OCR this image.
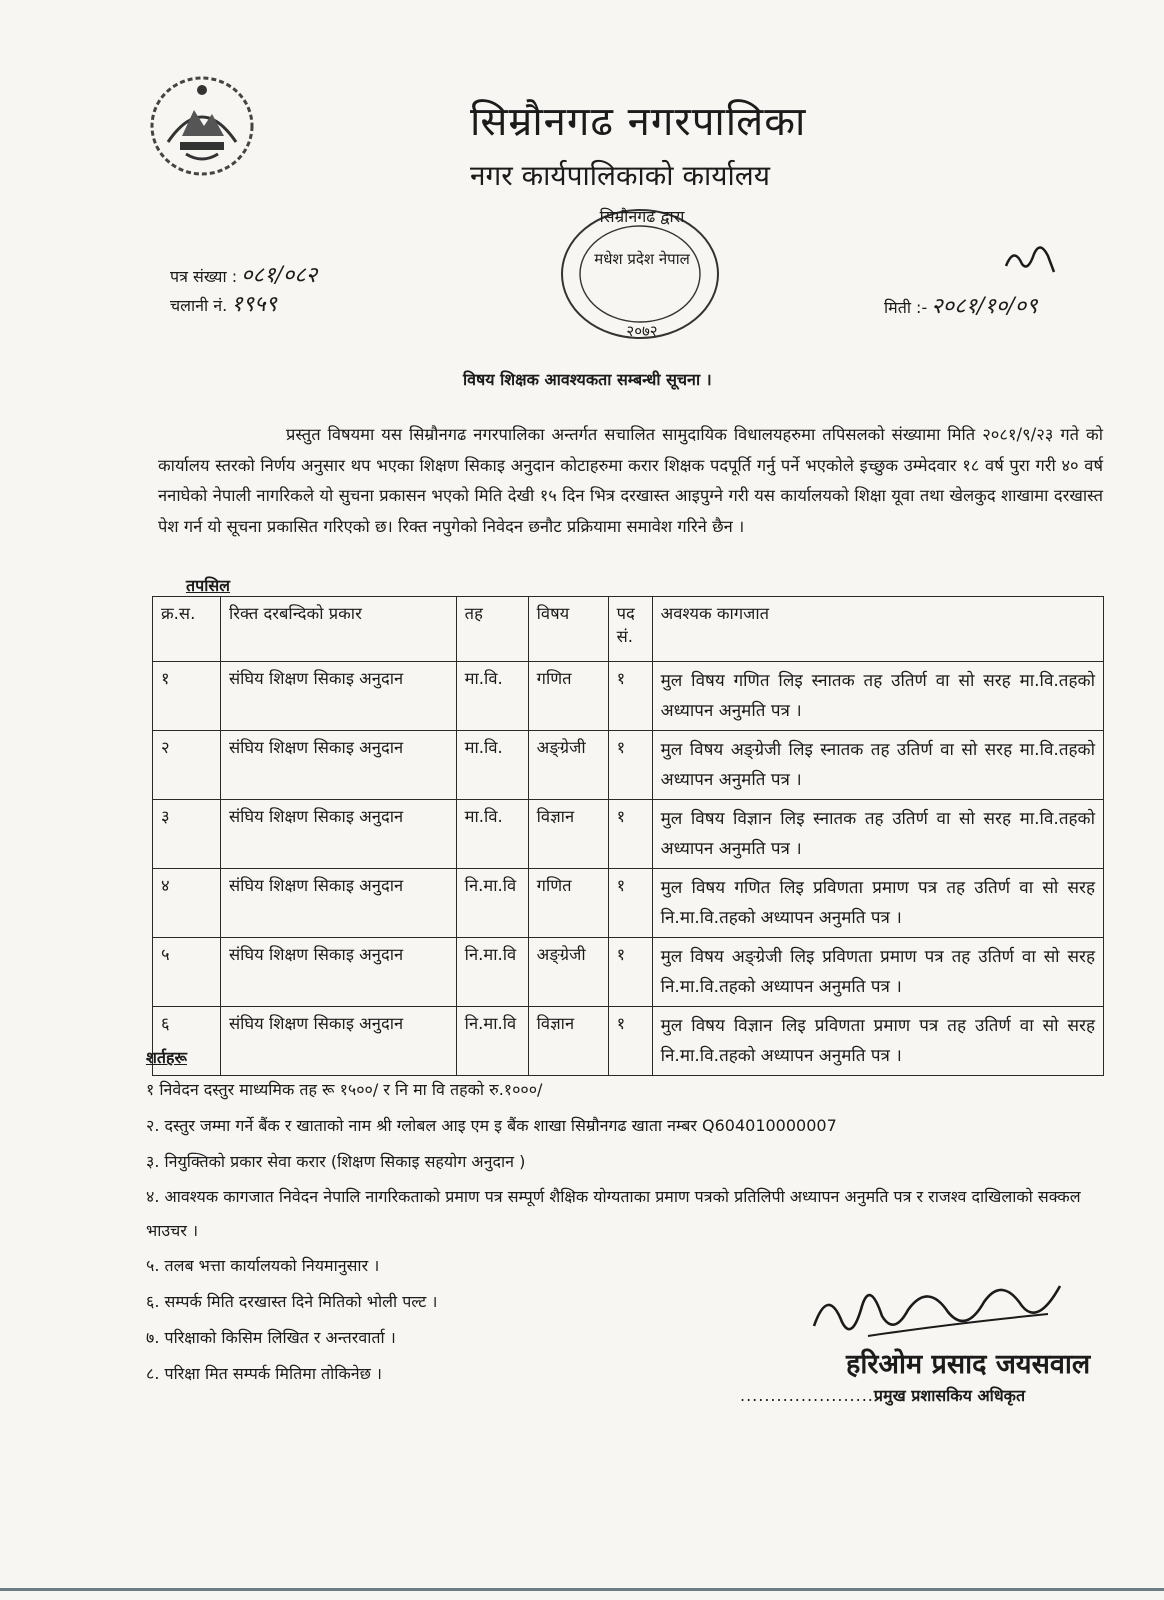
सिम्रौनगढ नगरपालिका
नगर कार्यपालिकाको कार्यालय
सिम्रौनगढ द्वारा
मधेश प्रदेश नेपाल
२०७२
पत्र संख्या : ०८१/०८२
चलानी नं. १९५९	मिती :- २०८१/१०/०९
विषय शिक्षक आवश्यकता सम्बन्धी सूचना ।
प्रस्तुत विषयमा यस सिम्रौनगढ नगरपालिका अन्तर्गत सचालित सामुदायिक विधालयहरुमा तपिसलको संख्यामा मिति २०८१/९/२३ गते को कार्यालय स्तरको निर्णय अनुसार थप भएका शिक्षण सिकाइ अनुदान कोटाहरुमा करार शिक्षक पदपूर्ति गर्नु पर्ने भएकोले इच्छुक उम्मेदवार १८ वर्ष पुरा गरी ४० वर्ष ननाघेको नेपाली नागरिकले यो सुचना प्रकासन भएको मिति देखी १५ दिन भित्र दरखास्त आइपुग्ने गरी यस कार्यालयको शिक्षा यूवा तथा खेलकुद शाखामा दरखास्त पेश गर्न यो सूचना प्रकासित गरिएको छ। रिक्त नपुगेको निवेदन छनौट प्रक्रियामा समावेश गरिने छैन ।
तपसिल
क्र.स.	रिक्त दरबन्दिको प्रकार	तह	विषय	पद सं.	अवश्यक कागजात
१	संघिय शिक्षण सिकाइ अनुदान	मा.वि.	गणित	१	मुल विषय गणित लिइ स्नातक तह उतिर्ण वा सो सरह मा.वि.तहको अध्यापन अनुमति पत्र ।
२	संघिय शिक्षण सिकाइ अनुदान	मा.वि.	अङ्ग्रेजी	१	मुल विषय अङ्ग्रेजी लिइ स्नातक तह उतिर्ण वा सो सरह मा.वि.तहको अध्यापन अनुमति पत्र ।
३	संघिय शिक्षण सिकाइ अनुदान	मा.वि.	विज्ञान	१	मुल विषय विज्ञान लिइ स्नातक तह उतिर्ण वा सो सरह मा.वि.तहको अध्यापन अनुमति पत्र ।
४	संघिय शिक्षण सिकाइ अनुदान	नि.मा.वि	गणित	१	मुल विषय गणित लिइ प्रविणता प्रमाण पत्र तह उतिर्ण वा सो सरह नि.मा.वि.तहको अध्यापन अनुमति पत्र ।
५	संघिय शिक्षण सिकाइ अनुदान	नि.मा.वि	अङ्ग्रेजी	१	मुल विषय अङ्ग्रेजी लिइ प्रविणता प्रमाण पत्र तह उतिर्ण वा सो सरह नि.मा.वि.तहको अध्यापन अनुमति पत्र ।
६	संघिय शिक्षण सिकाइ अनुदान	नि.मा.वि	विज्ञान	१	मुल विषय विज्ञान लिइ प्रविणता प्रमाण पत्र तह उतिर्ण वा सो सरह नि.मा.वि.तहको अध्यापन अनुमति पत्र ।
शर्तहरू
१ निवेदन दस्तुर माध्यमिक तह रू १५००/ र नि मा वि तहको रु.१०००/
२. दस्तुर जम्मा गर्ने बैंक र खाताको नाम श्री ग्लोबल आइ एम इ बैंक शाखा सिम्रौनगढ खाता नम्बर Q604010000007
३. नियुक्तिको प्रकार सेवा करार (शिक्षण सिकाइ सहयोग अनुदान )
४. आवश्यक कागजात निवेदन नेपालि नागरिकताको प्रमाण पत्र सम्पूर्ण शैक्षिक योग्यताका प्रमाण पत्रको प्रतिलिपी अध्यापन अनुमति पत्र र राजश्व दाखिलाको सक्कल भाउचर ।
५. तलब भत्ता कार्यालयको नियमानुसार ।
६. सम्पर्क मिति दरखास्त दिने मितिको भोली पल्ट ।
७. परिक्षाको किसिम लिखित र अन्तरवार्ता ।
८. परिक्षा मित सम्पर्क मितिमा तोकिनेछ ।	हरिओम प्रसाद जयसवाल
......................प्रमुख प्रशासकिय अधिकृत
